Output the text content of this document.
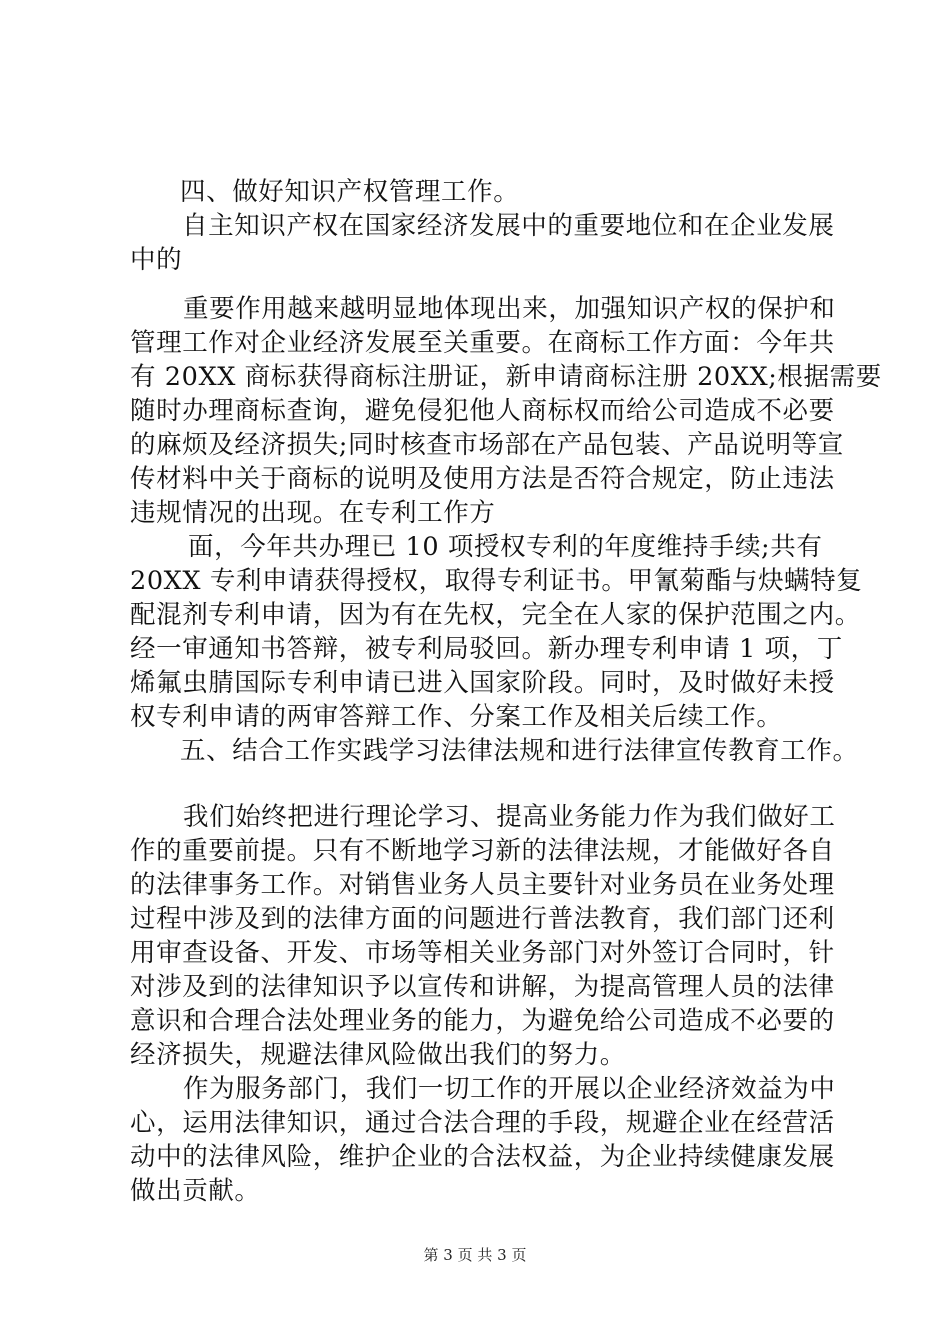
四、做好知识产权管理工作。
自主知识产权在国家经济发展中的重要地位和在企业发展
中的
重要作用越来越明显地体现出来，加强知识产权的保护和
管理工作对企业经济发展至关重要。在商标工作方面：今年共
有 20XX 商标获得商标注册证，新申请商标注册 20XX;根据需要
随时办理商标查询，避免侵犯他人商标权而给公司造成不必要
的麻烦及经济损失;同时核查市场部在产品包装、产品说明等宣
传材料中关于商标的说明及使用方法是否符合规定，防止违法
违规情况的出现。在专利工作方
面，今年共办理已 10 项授权专利的年度维持手续;共有
20XX 专利申请获得授权，取得专利证书。甲氰菊酯与炔螨特复
配混剂专利申请，因为有在先权，完全在人家的保护范围之内。
经一审通知书答辩，被专利局驳回。新办理专利申请 1 项，丁
烯氟虫腈国际专利申请已进入国家阶段。同时，及时做好未授
权专利申请的两审答辩工作、分案工作及相关后续工作。
五、结合工作实践学习法律法规和进行法律宣传教育工作。
我们始终把进行理论学习、提高业务能力作为我们做好工
作的重要前提。只有不断地学习新的法律法规，才能做好各自
的法律事务工作。对销售业务人员主要针对业务员在业务处理
过程中涉及到的法律方面的问题进行普法教育，我们部门还利
用审查设备、开发、市场等相关业务部门对外签订合同时，针
对涉及到的法律知识予以宣传和讲解，为提高管理人员的法律
意识和合理合法处理业务的能力，为避免给公司造成不必要的
经济损失，规避法律风险做出我们的努力。
作为服务部门，我们一切工作的开展以企业经济效益为中
心，运用法律知识，通过合法合理的手段，规避企业在经营活
动中的法律风险，维护企业的合法权益，为企业持续健康发展
做出贡献。
第 3 页 共 3 页
